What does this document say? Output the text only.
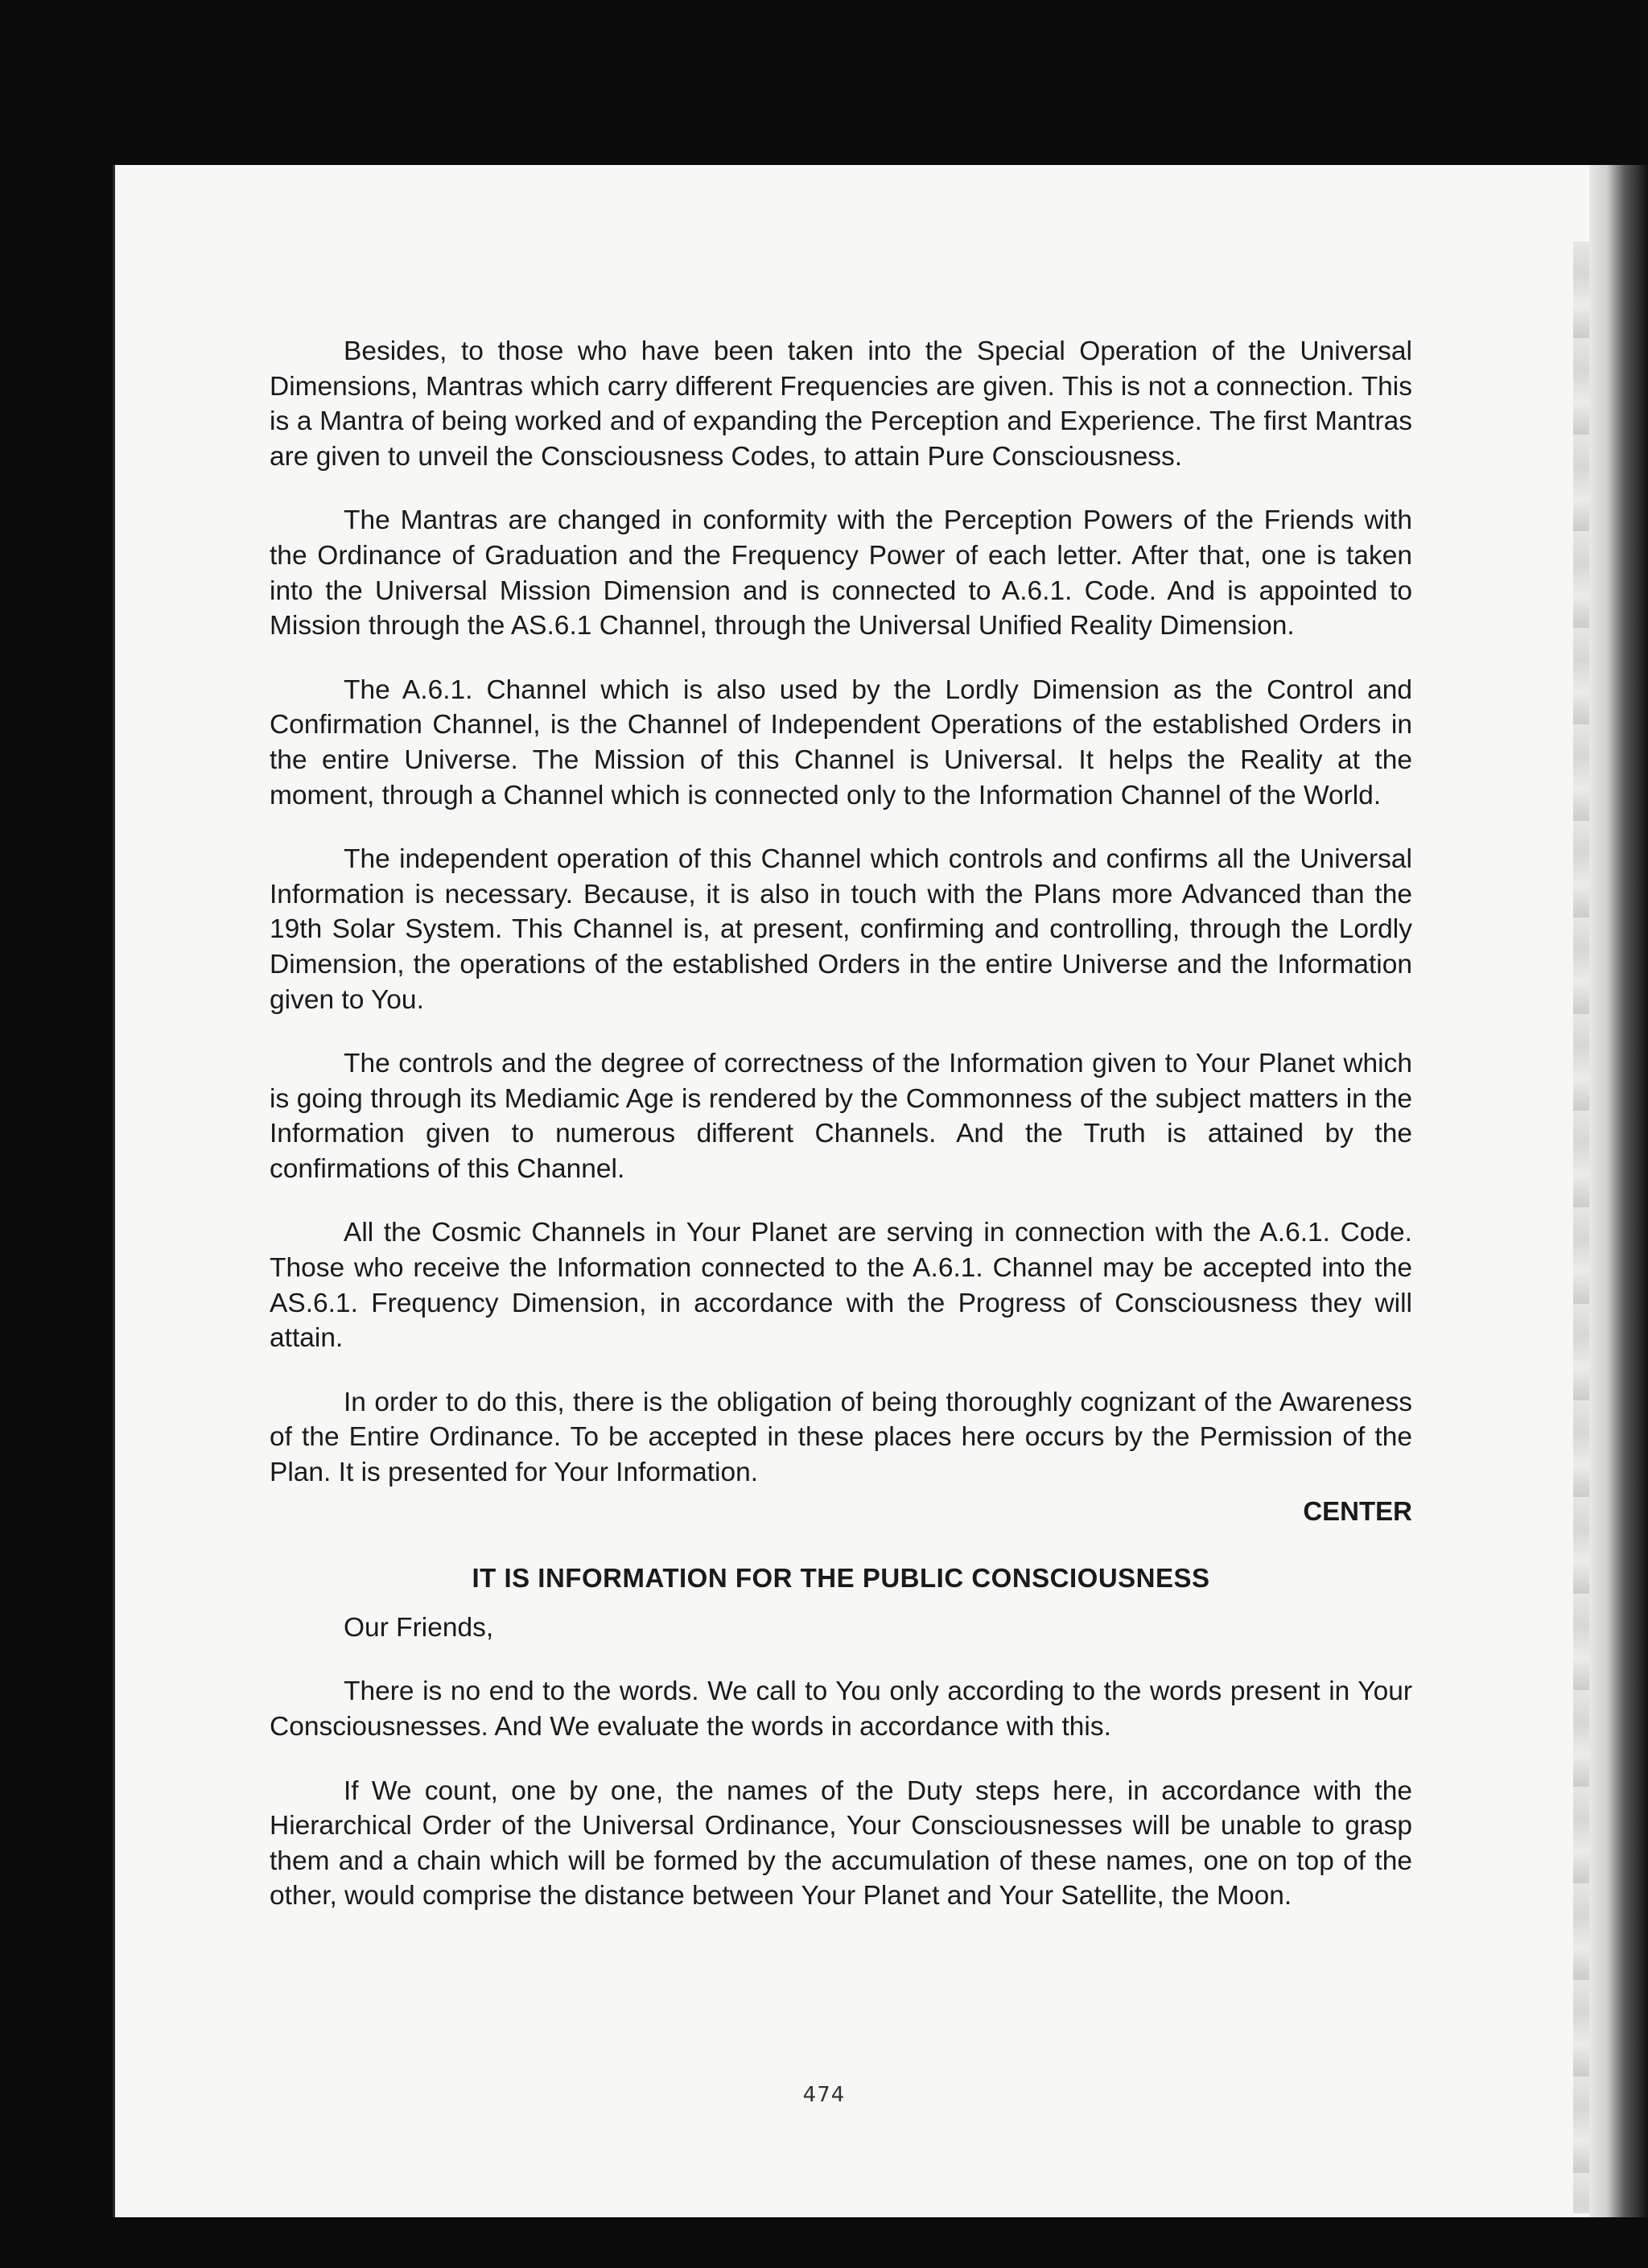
Besides, to those who have been taken into the Special Operation of the Universal Dimensions, Mantras which carry different Frequencies are given. This is not a connection. This is a Mantra of being worked and of expanding the Perception and Experience. The first Mantras are given to unveil the Consciousness Codes, to attain Pure Consciousness.

The Mantras are changed in conformity with the Perception Powers of the Friends with the Ordinance of Graduation and the Frequency Power of each letter. After that, one is taken into the Universal Mission Dimension and is connected to A.6.1. Code. And is appointed to Mission through the AS.6.1 Channel, through the Universal Unified Reality Dimension.

The A.6.1. Channel which is also used by the Lordly Dimension as the Control and Confirmation Channel, is the Channel of Independent Operations of the established Orders in the entire Universe. The Mission of this Channel is Universal. It helps the Reality at the moment, through a Channel which is connected only to the Information Channel of the World.

The independent operation of this Channel which controls and confirms all the Universal Information is necessary. Because, it is also in touch with the Plans more Advanced than the 19th Solar System. This Channel is, at present, confirming and controlling, through the Lordly Dimension, the operations of the established Orders in the entire Universe and the Information given to You.

The controls and the degree of correctness of the Information given to Your Planet which is going through its Mediamic Age is rendered by the Commonness of the subject matters in the Information given to numerous different Channels. And the Truth is attained by the confirmations of this Channel.

All the Cosmic Channels in Your Planet are serving in connection with the A.6.1. Code. Those who receive the Information connected to the A.6.1. Channel may be accepted into the AS.6.1. Frequency Dimension, in accordance with the Progress of Consciousness they will attain.

In order to do this, there is the obligation of being thoroughly cognizant of the Awareness of the Entire Ordinance. To be accepted in these places here occurs by the Permission of the Plan. It is presented for Your Information.

CENTER
IT IS INFORMATION FOR THE PUBLIC CONSCIOUSNESS

Our Friends,

There is no end to the words. We call to You only according to the words present in Your Consciousnesses. And We evaluate the words in accordance with this.

If We count, one by one, the names of the Duty steps here, in accordance with the Hierarchical Order of the Universal Ordinance, Your Consciousnesses will be unable to grasp them and a chain which will be formed by the accumulation of these names, one on top of the other, would comprise the distance between Your Planet and Your Satellite, the Moon.

474
